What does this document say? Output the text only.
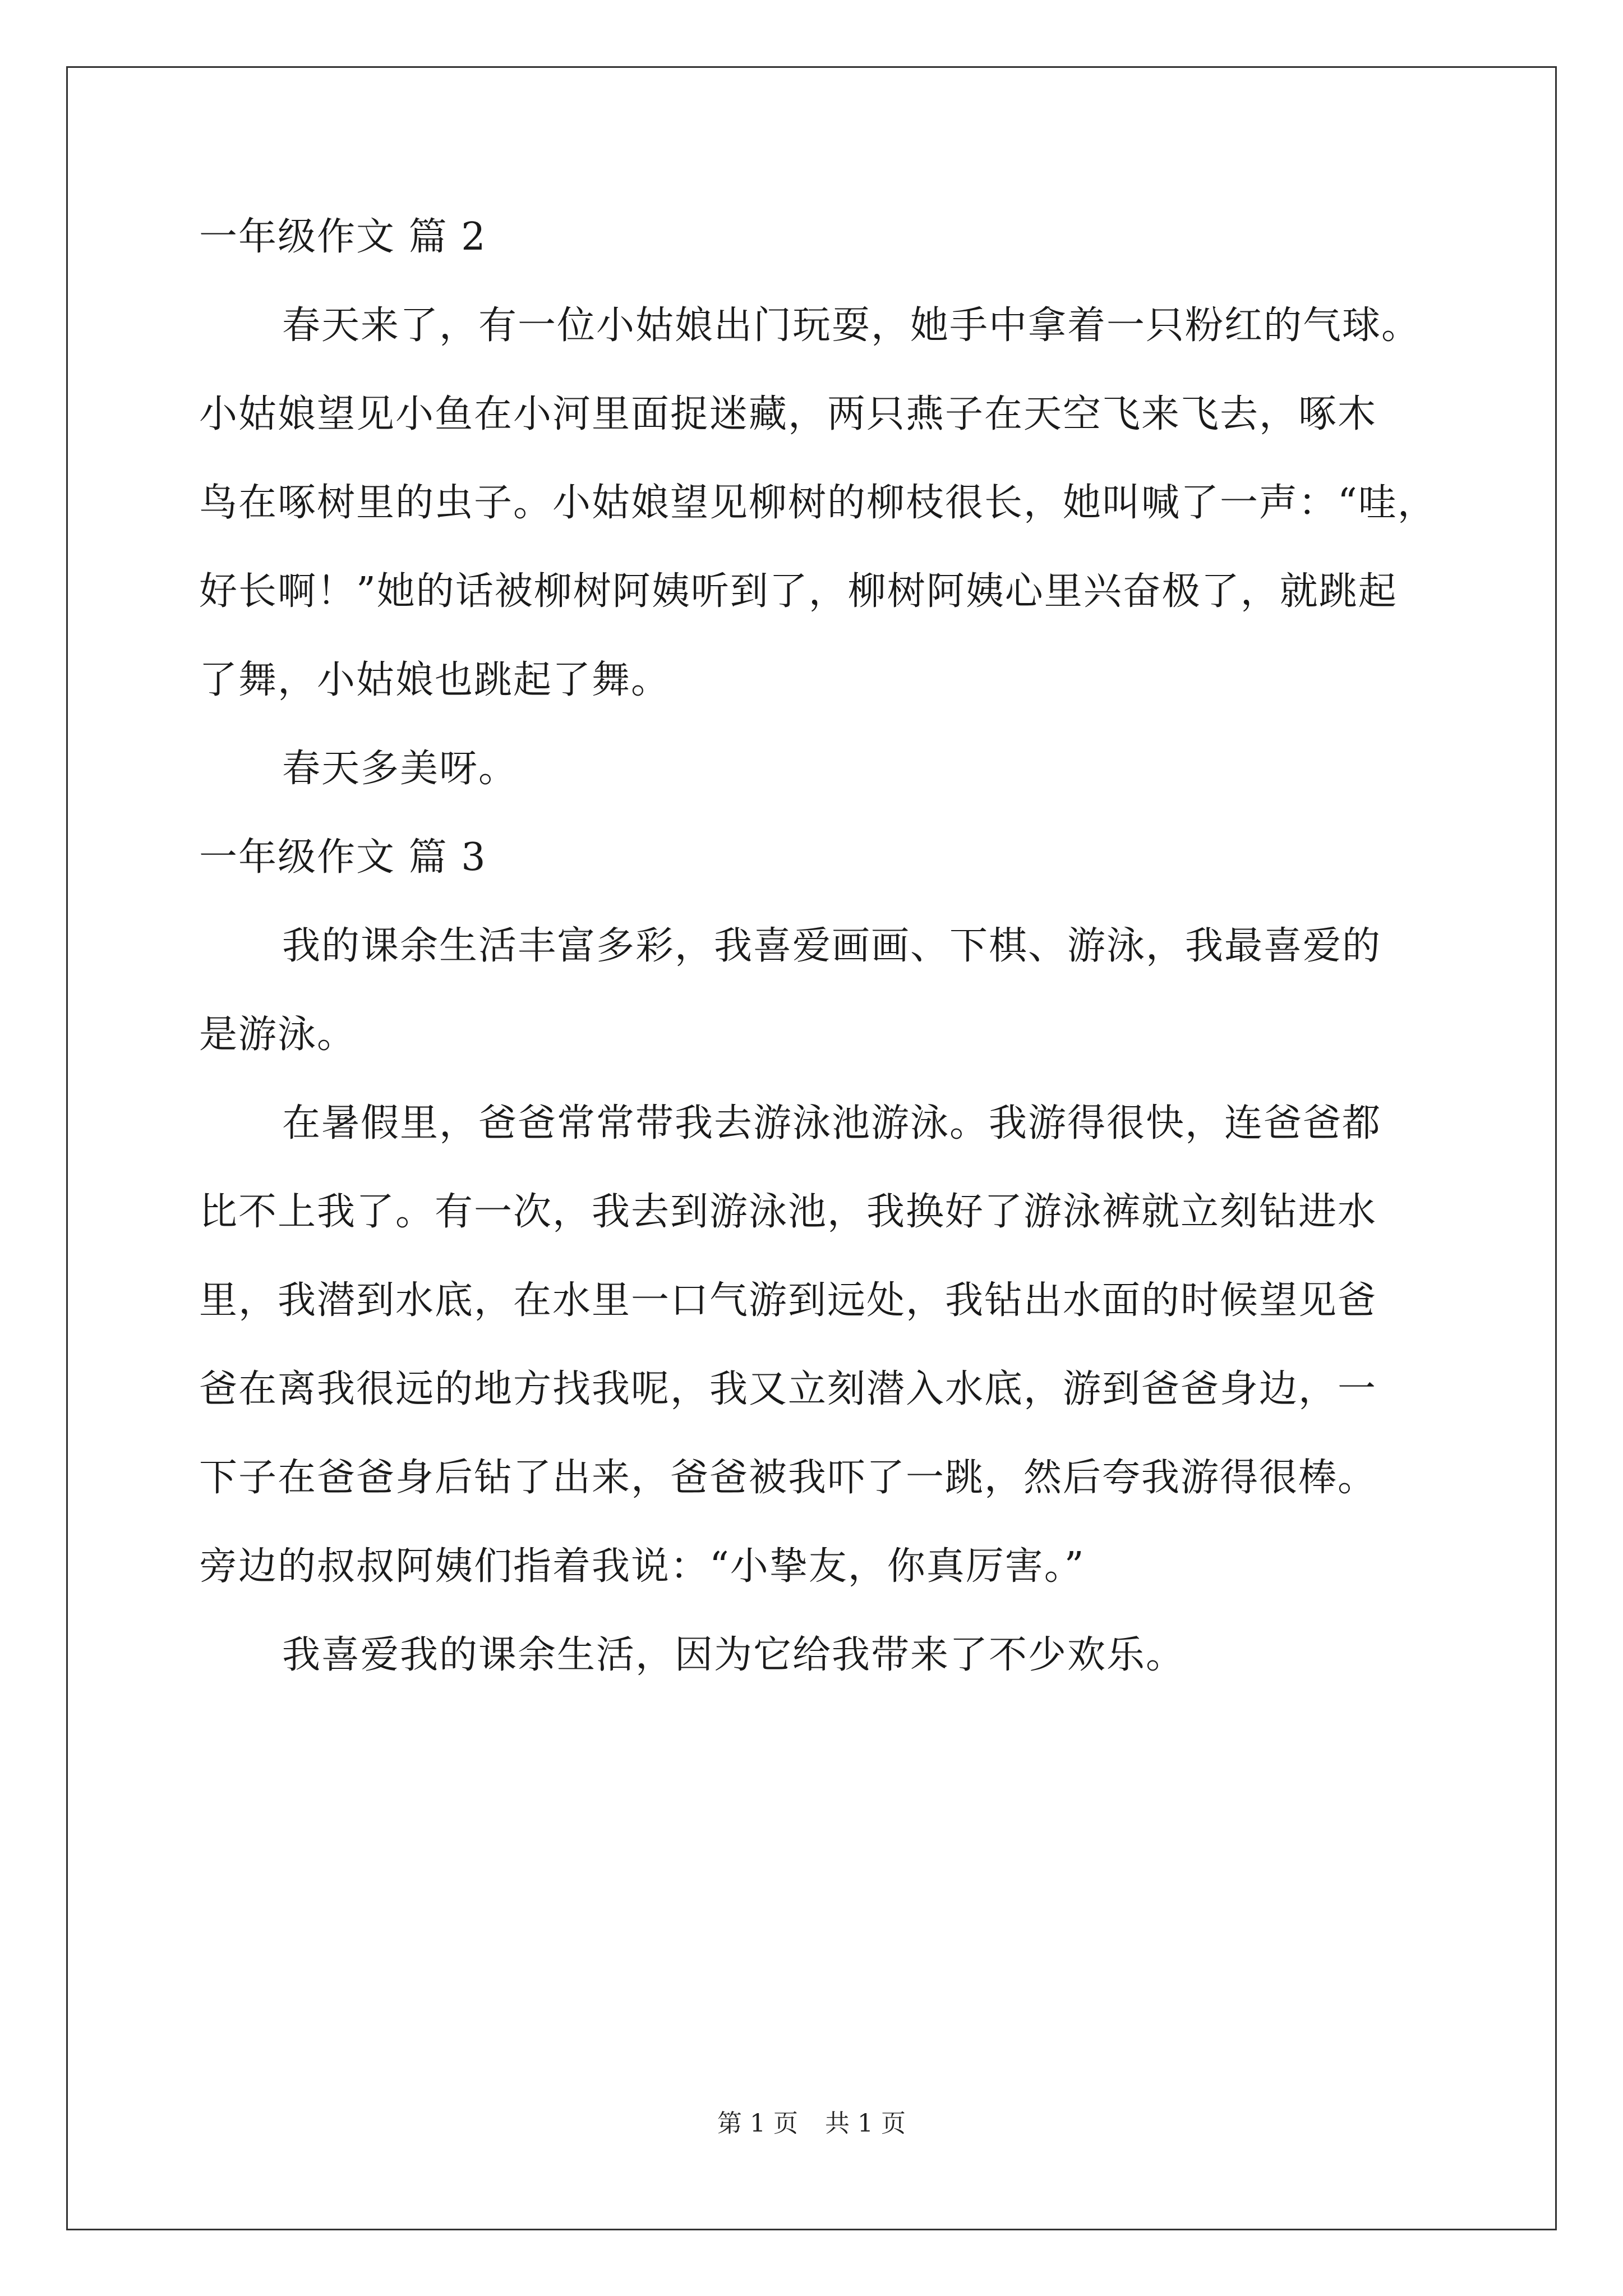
一年级作文 篇 2
春天来了，有一位小姑娘出门玩耍，她手中拿着一只粉红的气球。
小姑娘望见小鱼在小河里面捉迷藏，两只燕子在天空飞来飞去，啄木
鸟在啄树里的虫子。小姑娘望见柳树的柳枝很长，她叫喊了一声：“哇，
好长啊！”她的话被柳树阿姨听到了，柳树阿姨心里兴奋极了，就跳起
了舞，小姑娘也跳起了舞。
春天多美呀。
一年级作文 篇 3
我的课余生活丰富多彩，我喜爱画画、下棋、游泳，我最喜爱的
是游泳。
在暑假里，爸爸常常带我去游泳池游泳。我游得很快，连爸爸都
比不上我了。有一次，我去到游泳池，我换好了游泳裤就立刻钻进水
里，我潜到水底，在水里一口气游到远处，我钻出水面的时候望见爸
爸在离我很远的地方找我呢，我又立刻潜入水底，游到爸爸身边，一
下子在爸爸身后钻了出来，爸爸被我吓了一跳，然后夸我游得很棒。
旁边的叔叔阿姨们指着我说：“小挚友，你真厉害。”
我喜爱我的课余生活，因为它给我带来了不少欢乐。
第 1 页 共 1 页
